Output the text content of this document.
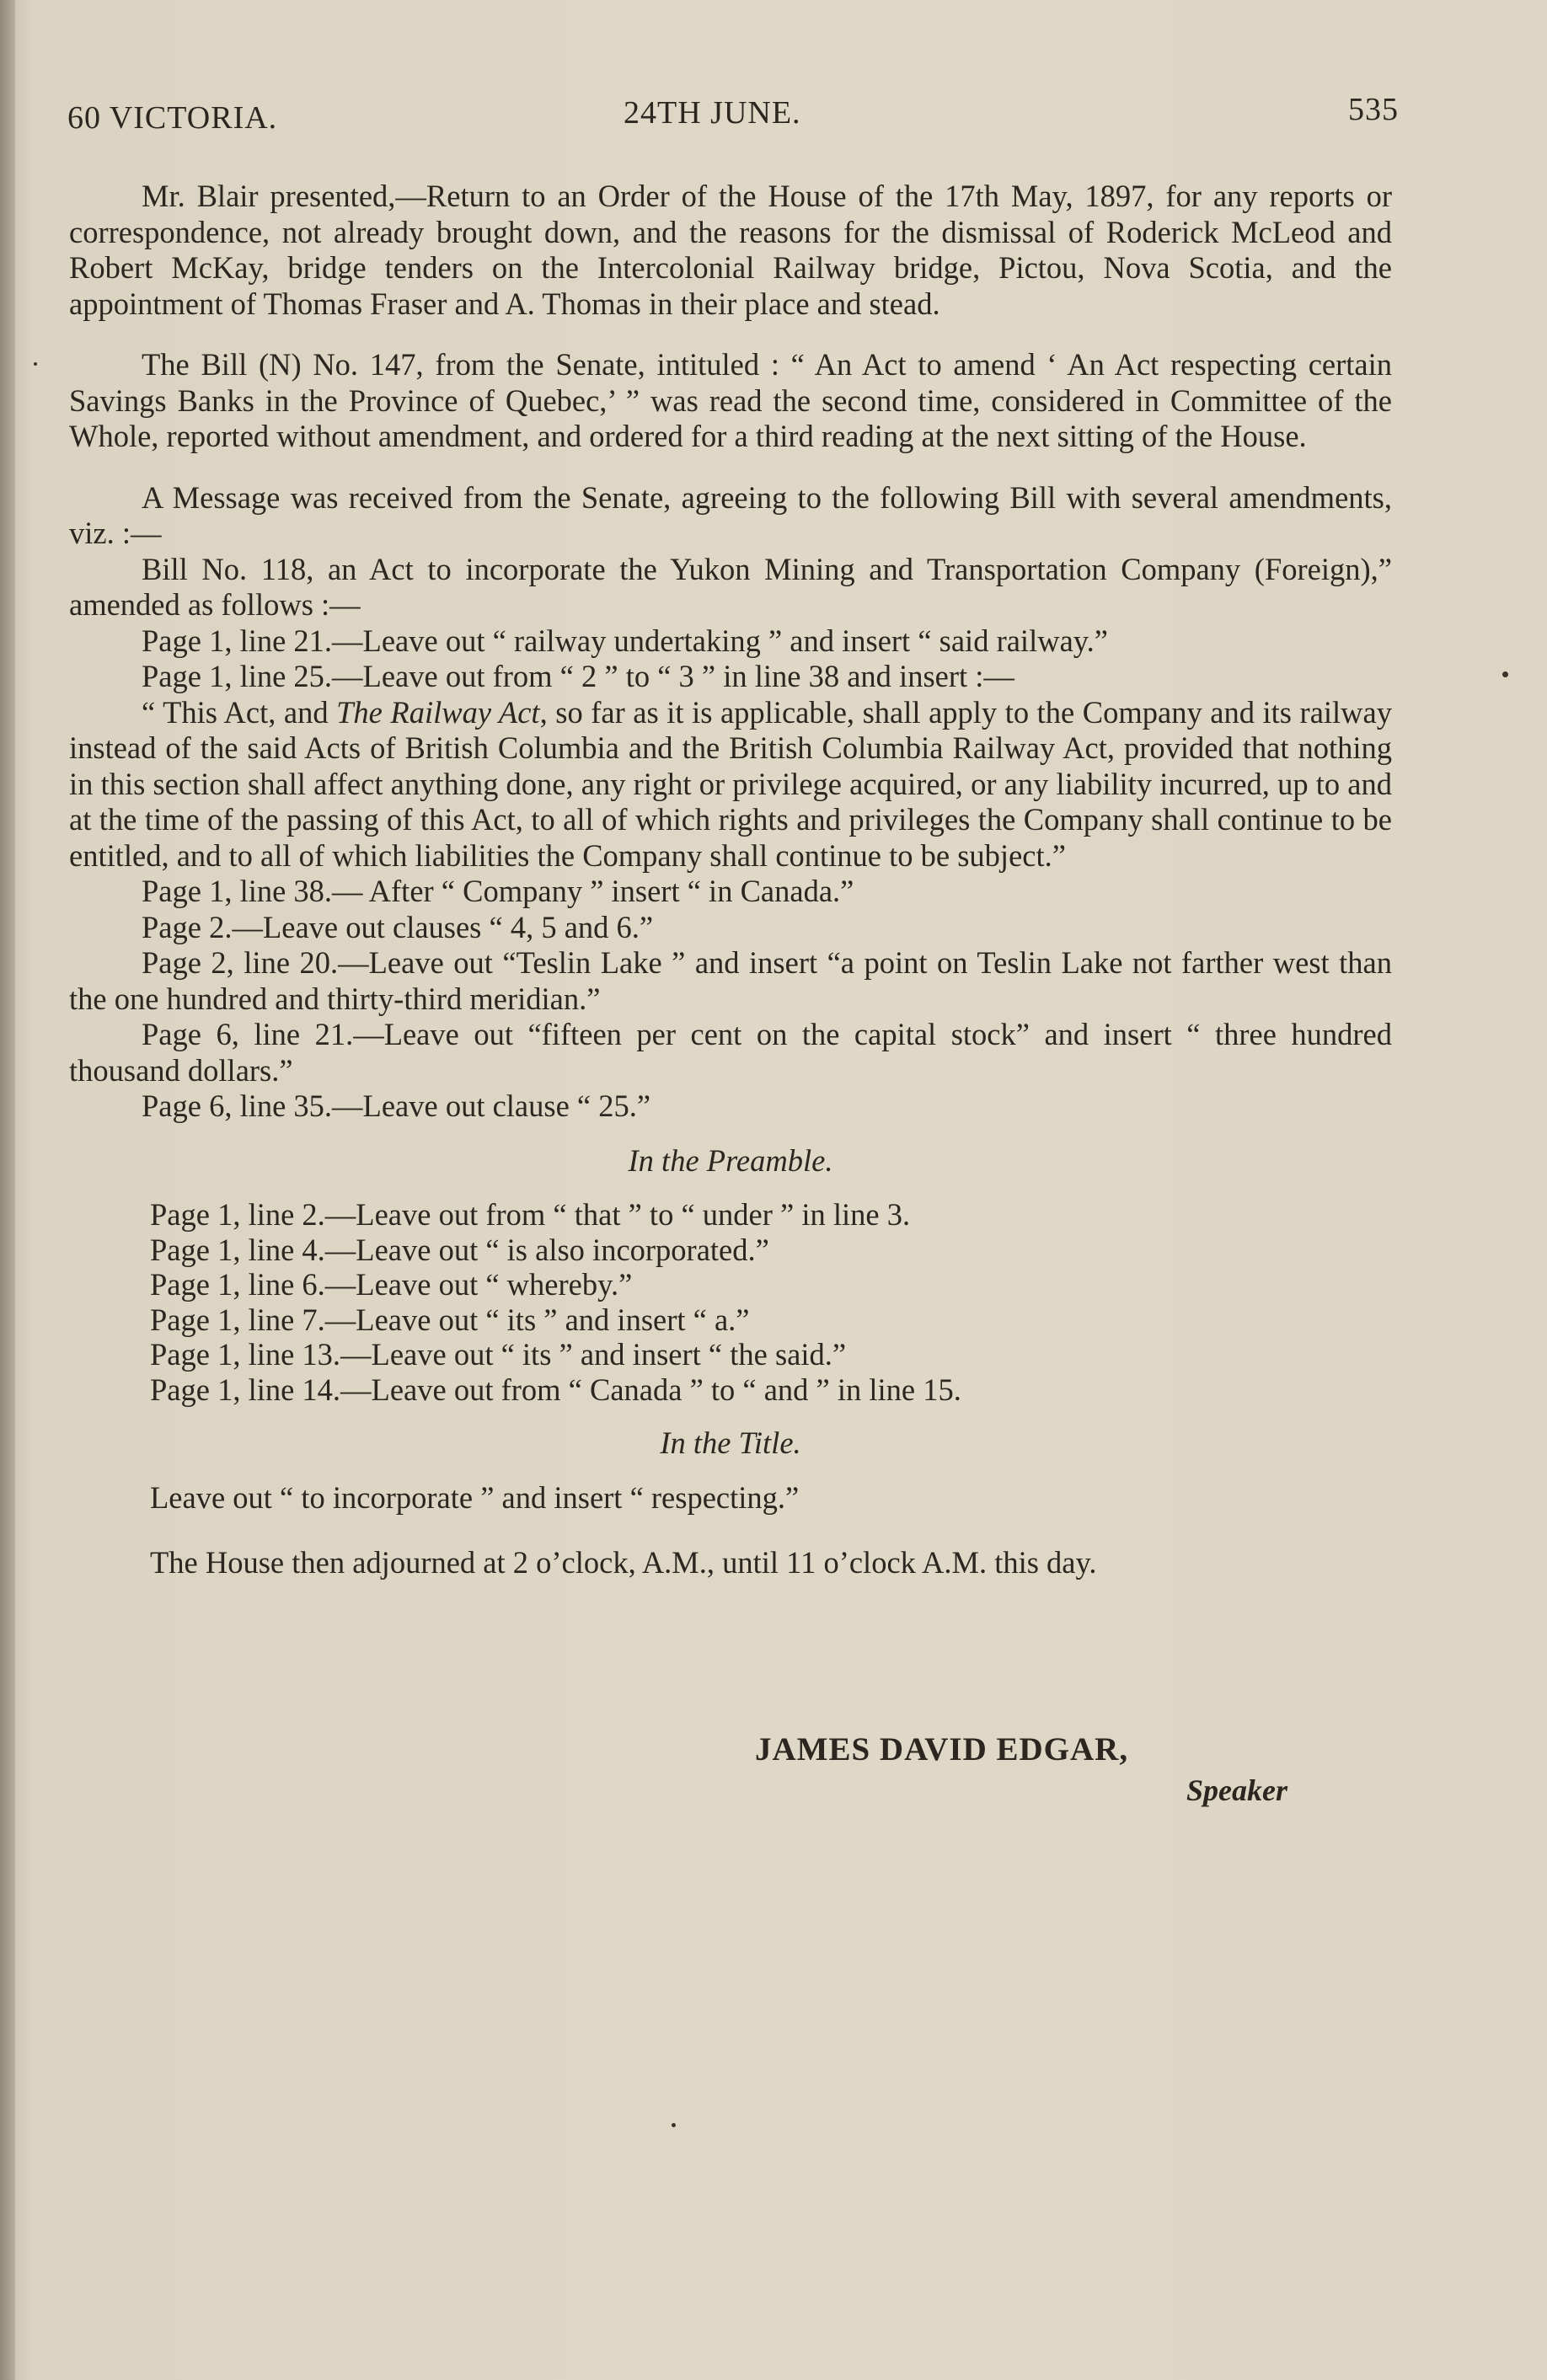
60 VICTORIA.	24TH JUNE.	535

Mr. Blair presented,—Return to an Order of the House of the 17th May, 1897, for any reports or correspondence, not already brought down, and the reasons for the dismissal of Roderick McLeod and Robert McKay, bridge tenders on the Intercolonial Railway bridge, Pictou, Nova Scotia, and the appointment of Thomas Fraser and A. Thomas in their place and stead.

The Bill (N) No. 147, from the Senate, intituled : “ An Act to amend ‘ An Act respecting certain Savings Banks in the Province of Quebec,’ ” was read the second time, considered in Committee of the Whole, reported without amendment, and ordered for a third reading at the next sitting of the House.

A Message was received from the Senate, agreeing to the following Bill with several amendments, viz. :—

Bill No. 118, an Act to incorporate the Yukon Mining and Transportation Company (Foreign),” amended as follows :—

Page 1, line 21.—Leave out “ railway undertaking ” and insert “ said railway.”

Page 1, line 25.—Leave out from “ 2 ” to “ 3 ” in line 38 and insert :—

“ This Act, and The Railway Act, so far as it is applicable, shall apply to the Company and its railway instead of the said Acts of British Columbia and the British Columbia Railway Act, provided that nothing in this section shall affect anything done, any right or privilege acquired, or any liability incurred, up to and at the time of the passing of this Act, to all of which rights and privileges the Company shall continue to be entitled, and to all of which liabilities the Company shall continue to be subject.”

Page 1, line 38.— After “ Company ” insert “ in Canada.”

Page 2.—Leave out clauses “ 4, 5 and 6.”

Page 2, line 20.—Leave out “Teslin Lake ” and insert “a point on Teslin Lake not farther west than the one hundred and thirty-third meridian.”

Page 6, line 21.—Leave out “fifteen per cent on the capital stock” and insert “ three hundred thousand dollars.”

Page 6, line 35.—Leave out clause “ 25.”

In the Preamble.

Page 1, line 2.—Leave out from “ that ” to “ under ” in line 3.

Page 1, line 4.—Leave out “ is also incorporated.”

Page 1, line 6.—Leave out “ whereby.”

Page 1, line 7.—Leave out “ its ” and insert “ a.”

Page 1, line 13.—Leave out “ its ” and insert “ the said.”

Page 1, line 14.—Leave out from “ Canada ” to “ and ” in line 15.

In the Title.

Leave out “ to incorporate ” and insert “ respecting.”

The House then adjourned at 2 o’clock, A.M., until 11 o’clock A.M. this day.

JAMES DAVID EDGAR,
Speaker
